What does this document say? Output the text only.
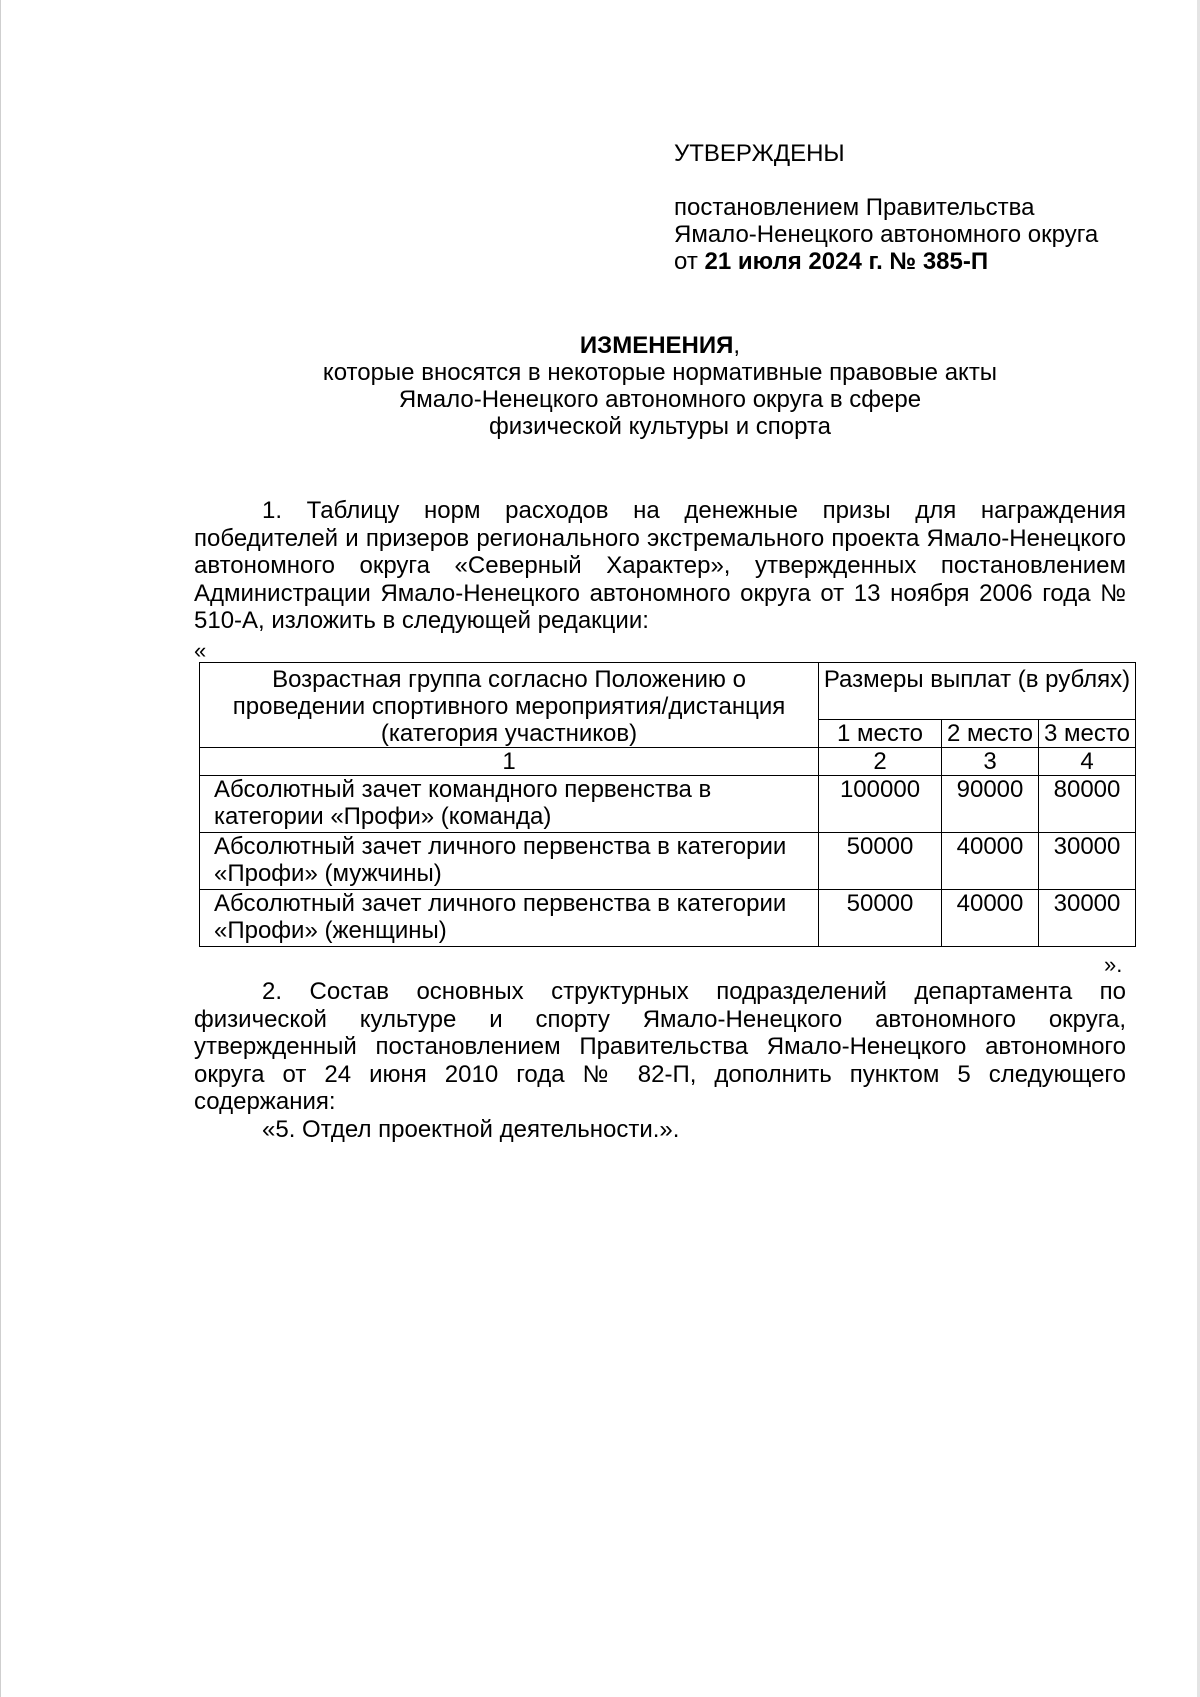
УТВЕРЖДЕНЫ
постановлением Правительства
Ямало-Ненецкого автономного округа
от 21 июля 2024 г. № 385-П
ИЗМЕНЕНИЯ,
которые вносятся в некоторые нормативные правовые акты
Ямало-Ненецкого автономного округа в сфере
физической культуры и спорта
1. Таблицу норм расходов на денежные призы для награждения победителей и призеров регионального экстремального проекта Ямало-Ненецкого автономного округа «Северный Характер», утвержденных постановлением Администрации Ямало-Ненецкого автономного округа от 13 ноября 2006 года № 510-А, изложить в следующей редакции:
«
Возрастная группа согласно Положению о проведении спортивного мероприятия/дистанция (категория участников)	Размеры выплат (в рублях)		
	1 место	2 место	3 место
1	2	3	4
Абсолютный зачет командного первенства в категории «Профи» (команда)	100000	90000	80000
Абсолютный зачет личного первенства в категории «Профи» (мужчины)	50000	40000	30000
Абсолютный зачет личного первенства в категории «Профи» (женщины)	50000	40000	30000
».
2. Состав основных структурных подразделений департамента по физической культуре и спорту Ямало-Ненецкого автономного округа, утвержденный постановлением Правительства Ямало-Ненецкого автономного округа от 24 июня 2010 года № 82-П, дополнить пунктом 5 следующего содержания:
«5. Отдел проектной деятельности.».
